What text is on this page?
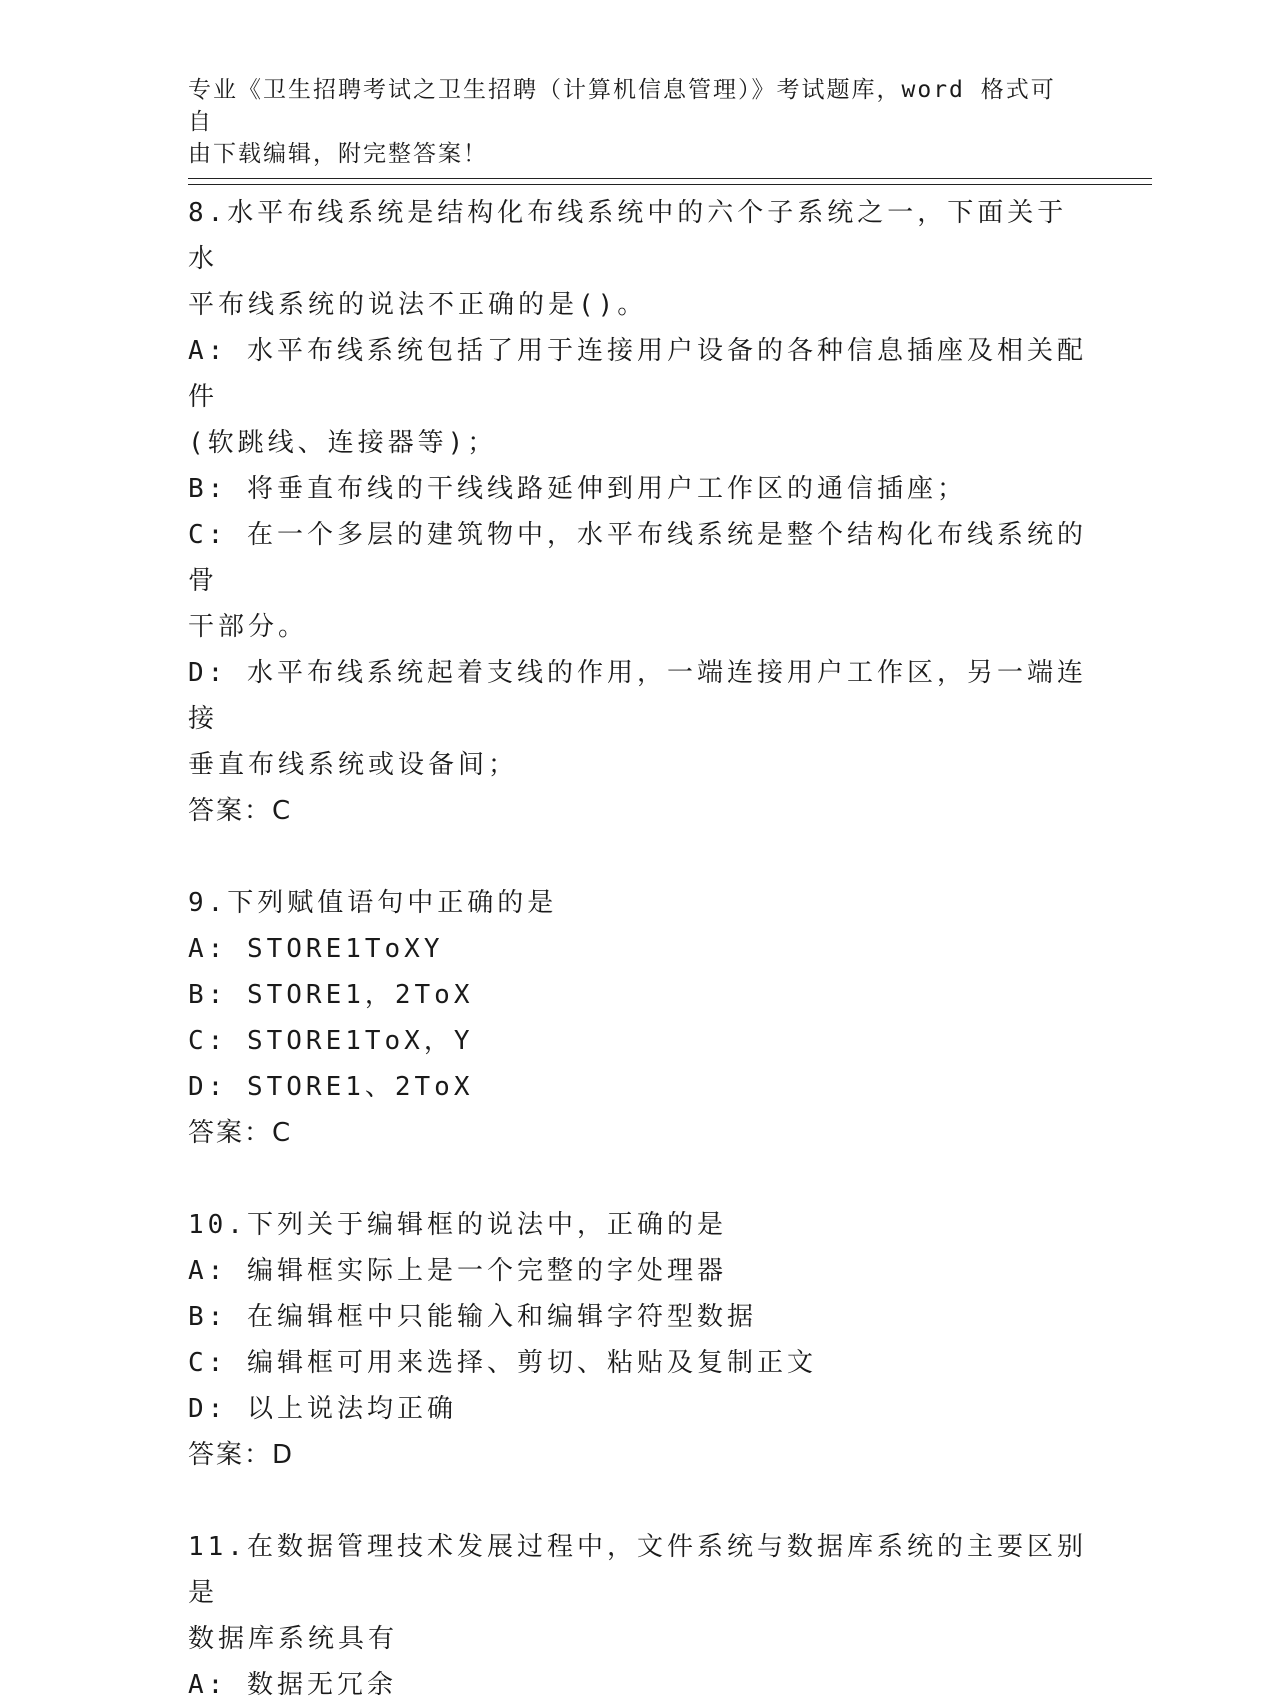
专业《卫生招聘考试之卫生招聘（计算机信息管理）》考试题库，word 格式可自
由下载编辑，附完整答案！
8.水平布线系统是结构化布线系统中的六个子系统之一，下面关于水
平布线系统的说法不正确的是()。
A: 水平布线系统包括了用于连接用户设备的各种信息插座及相关配件
(软跳线、连接器等)；
B: 将垂直布线的干线线路延伸到用户工作区的通信插座；
C: 在一个多层的建筑物中，水平布线系统是整个结构化布线系统的骨
干部分。
D: 水平布线系统起着支线的作用，一端连接用户工作区，另一端连接
垂直布线系统或设备间；
答案：C
9.下列赋值语句中正确的是
A: STORE1ToXY
B: STORE1，2ToX
C: STORE1ToX，Y
D: STORE1、2ToX
答案：C
10.下列关于编辑框的说法中，正确的是
A: 编辑框实际上是一个完整的字处理器
B: 在编辑框中只能输入和编辑字符型数据
C: 编辑框可用来选择、剪切、粘贴及复制正文
D: 以上说法均正确
答案：D
11.在数据管理技术发展过程中，文件系统与数据库系统的主要区别是
数据库系统具有
A: 数据无冗余
